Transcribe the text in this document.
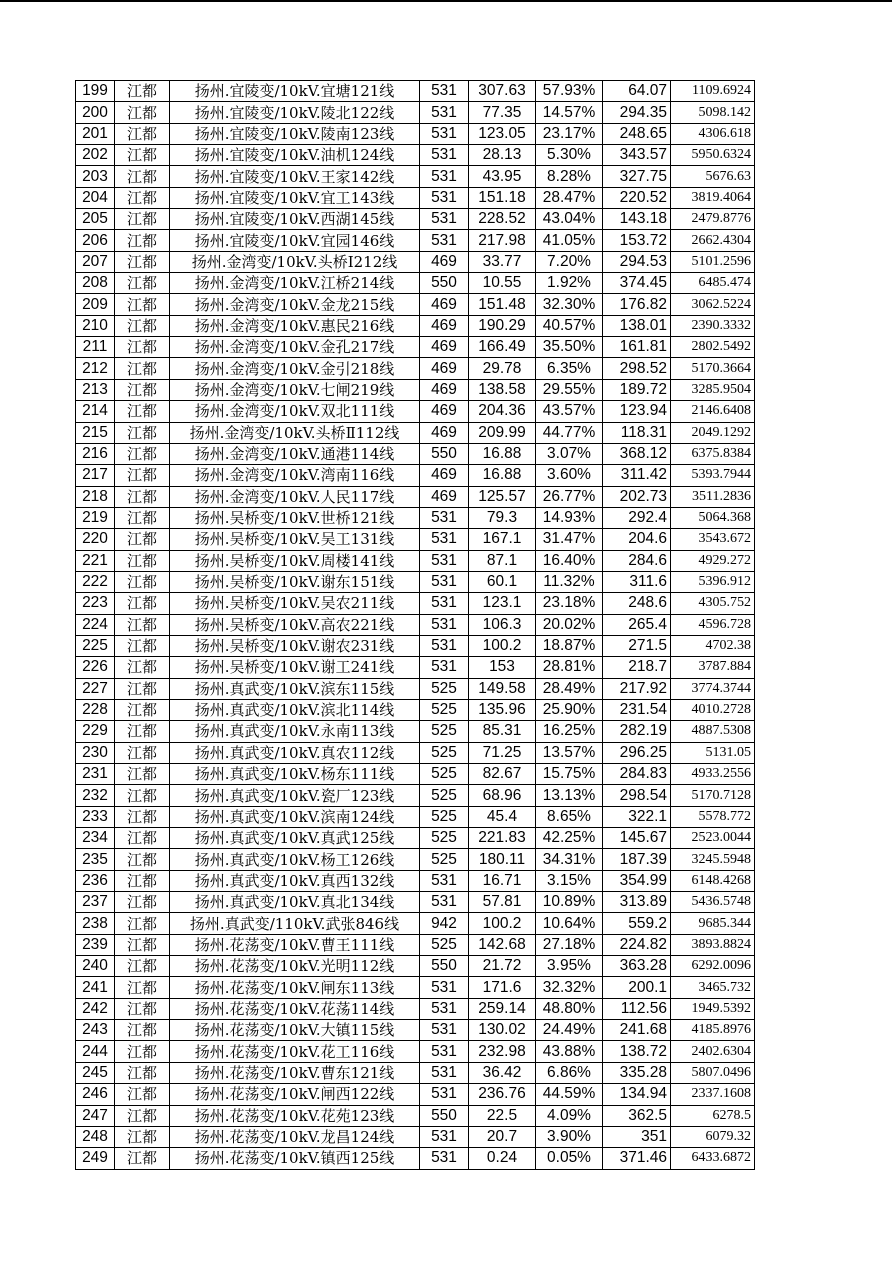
199	江都	扬州.宜陵变/10kV.宜塘121线	531	307.63	57.93%	64.07	1109.6924
200	江都	扬州.宜陵变/10kV.陵北122线	531	77.35	14.57%	294.35	5098.142
201	江都	扬州.宜陵变/10kV.陵南123线	531	123.05	23.17%	248.65	4306.618
202	江都	扬州.宜陵变/10kV.油机124线	531	28.13	5.30%	343.57	5950.6324
203	江都	扬州.宜陵变/10kV.王家142线	531	43.95	8.28%	327.75	5676.63
204	江都	扬州.宜陵变/10kV.宜工143线	531	151.18	28.47%	220.52	3819.4064
205	江都	扬州.宜陵变/10kV.西湖145线	531	228.52	43.04%	143.18	2479.8776
206	江都	扬州.宜陵变/10kV.宜园146线	531	217.98	41.05%	153.72	2662.4304
207	江都	扬州.金湾变/10kV.头桥Ⅰ212线	469	33.77	7.20%	294.53	5101.2596
208	江都	扬州.金湾变/10kV.江桥214线	550	10.55	1.92%	374.45	6485.474
209	江都	扬州.金湾变/10kV.金龙215线	469	151.48	32.30%	176.82	3062.5224
210	江都	扬州.金湾变/10kV.惠民216线	469	190.29	40.57%	138.01	2390.3332
211	江都	扬州.金湾变/10kV.金孔217线	469	166.49	35.50%	161.81	2802.5492
212	江都	扬州.金湾变/10kV.金引218线	469	29.78	6.35%	298.52	5170.3664
213	江都	扬州.金湾变/10kV.七闸219线	469	138.58	29.55%	189.72	3285.9504
214	江都	扬州.金湾变/10kV.双北111线	469	204.36	43.57%	123.94	2146.6408
215	江都	扬州.金湾变/10kV.头桥Ⅱ112线	469	209.99	44.77%	118.31	2049.1292
216	江都	扬州.金湾变/10kV.通港114线	550	16.88	3.07%	368.12	6375.8384
217	江都	扬州.金湾变/10kV.湾南116线	469	16.88	3.60%	311.42	5393.7944
218	江都	扬州.金湾变/10kV.人民117线	469	125.57	26.77%	202.73	3511.2836
219	江都	扬州.吴桥变/10kV.世桥121线	531	79.3	14.93%	292.4	5064.368
220	江都	扬州.吴桥变/10kV.吴工131线	531	167.1	31.47%	204.6	3543.672
221	江都	扬州.吴桥变/10kV.周楼141线	531	87.1	16.40%	284.6	4929.272
222	江都	扬州.吴桥变/10kV.谢东151线	531	60.1	11.32%	311.6	5396.912
223	江都	扬州.吴桥变/10kV.吴农211线	531	123.1	23.18%	248.6	4305.752
224	江都	扬州.吴桥变/10kV.高农221线	531	106.3	20.02%	265.4	4596.728
225	江都	扬州.吴桥变/10kV.谢农231线	531	100.2	18.87%	271.5	4702.38
226	江都	扬州.吴桥变/10kV.谢工241线	531	153	28.81%	218.7	3787.884
227	江都	扬州.真武变/10kV.滨东115线	525	149.58	28.49%	217.92	3774.3744
228	江都	扬州.真武变/10kV.滨北114线	525	135.96	25.90%	231.54	4010.2728
229	江都	扬州.真武变/10kV.永南113线	525	85.31	16.25%	282.19	4887.5308
230	江都	扬州.真武变/10kV.真农112线	525	71.25	13.57%	296.25	5131.05
231	江都	扬州.真武变/10kV.杨东111线	525	82.67	15.75%	284.83	4933.2556
232	江都	扬州.真武变/10kV.瓷厂123线	525	68.96	13.13%	298.54	5170.7128
233	江都	扬州.真武变/10kV.滨南124线	525	45.4	8.65%	322.1	5578.772
234	江都	扬州.真武变/10kV.真武125线	525	221.83	42.25%	145.67	2523.0044
235	江都	扬州.真武变/10kV.杨工126线	525	180.11	34.31%	187.39	3245.5948
236	江都	扬州.真武变/10kV.真西132线	531	16.71	3.15%	354.99	6148.4268
237	江都	扬州.真武变/10kV.真北134线	531	57.81	10.89%	313.89	5436.5748
238	江都	扬州.真武变/110kV.武张846线	942	100.2	10.64%	559.2	9685.344
239	江都	扬州.花荡变/10kV.曹王111线	525	142.68	27.18%	224.82	3893.8824
240	江都	扬州.花荡变/10kV.光明112线	550	21.72	3.95%	363.28	6292.0096
241	江都	扬州.花荡变/10kV.闸东113线	531	171.6	32.32%	200.1	3465.732
242	江都	扬州.花荡变/10kV.花荡114线	531	259.14	48.80%	112.56	1949.5392
243	江都	扬州.花荡变/10kV.大镇115线	531	130.02	24.49%	241.68	4185.8976
244	江都	扬州.花荡变/10kV.花工116线	531	232.98	43.88%	138.72	2402.6304
245	江都	扬州.花荡变/10kV.曹东121线	531	36.42	6.86%	335.28	5807.0496
246	江都	扬州.花荡变/10kV.闸西122线	531	236.76	44.59%	134.94	2337.1608
247	江都	扬州.花荡变/10kV.花苑123线	550	22.5	4.09%	362.5	6278.5
248	江都	扬州.花荡变/10kV.龙昌124线	531	20.7	3.90%	351	6079.32
249	江都	扬州.花荡变/10kV.镇西125线	531	0.24	0.05%	371.46	6433.6872
